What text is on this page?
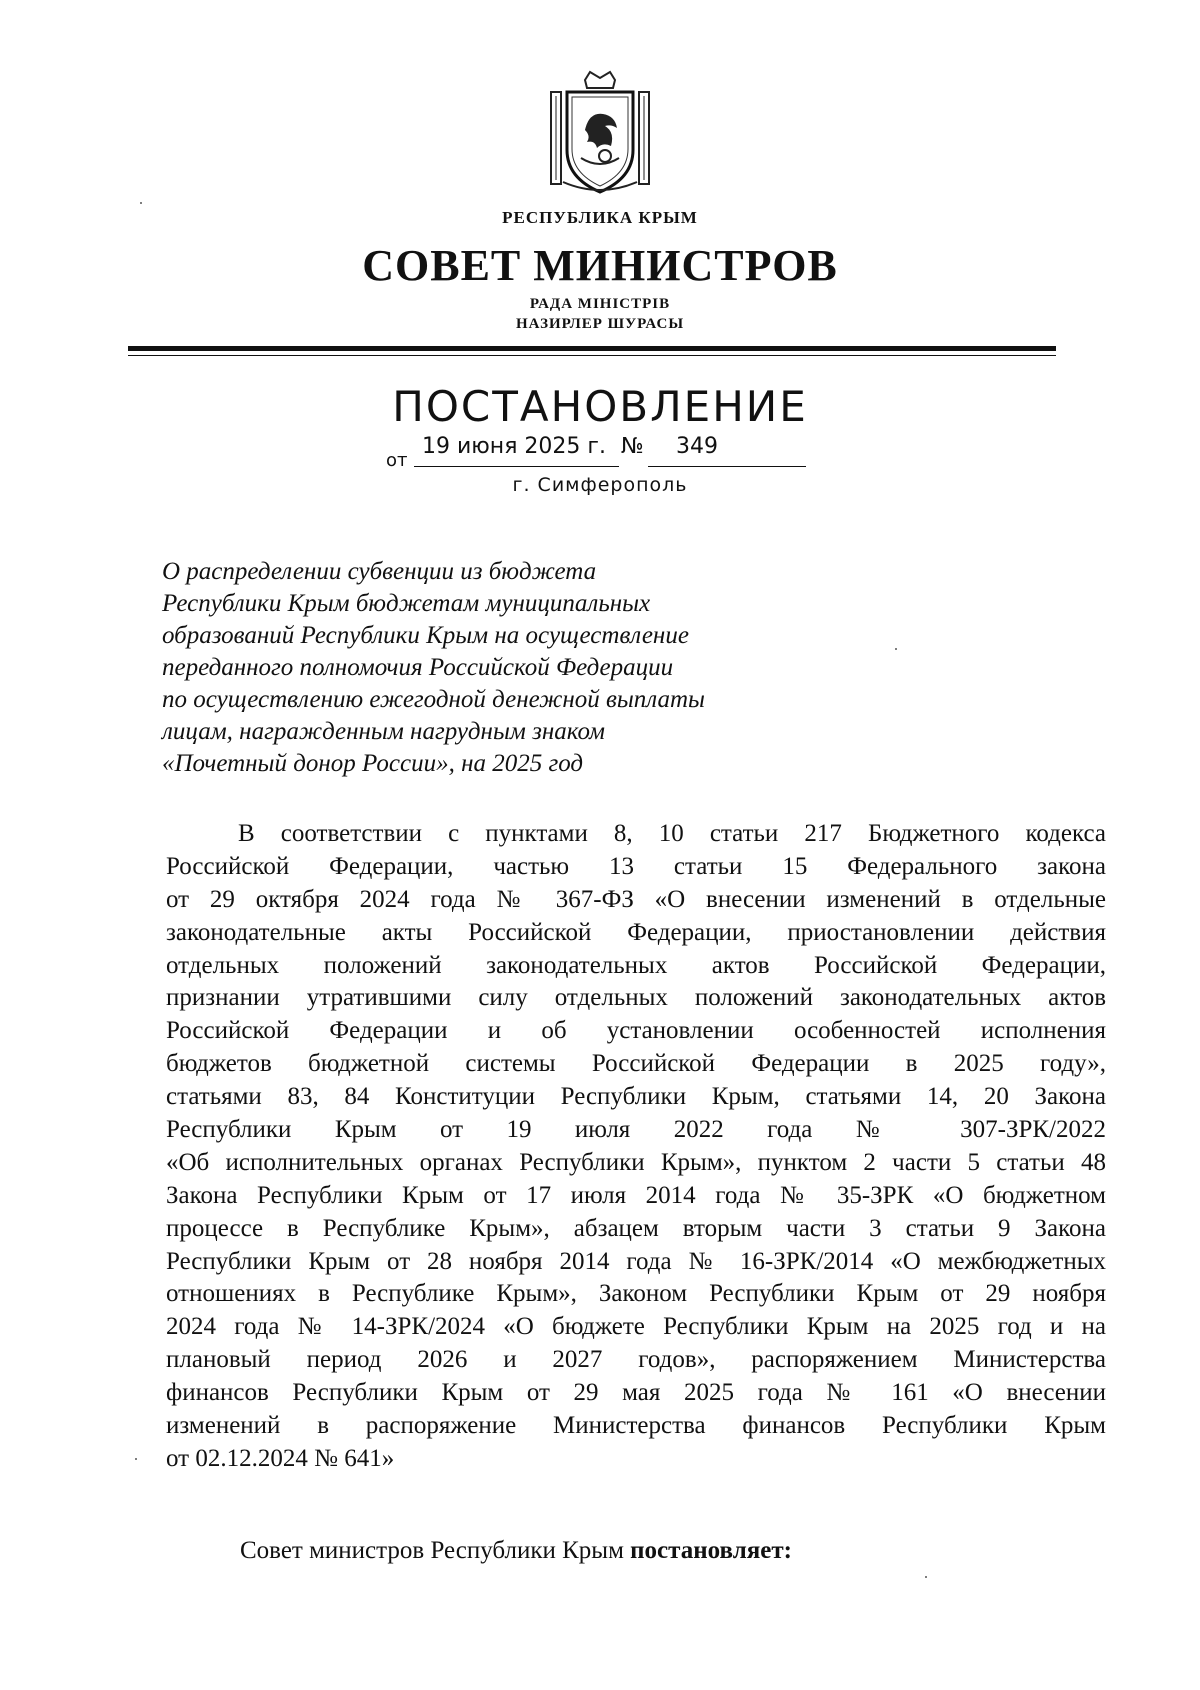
РЕСПУБЛИКА КРЫМ
СОВЕТ МИНИСТРОВ
РАДА МІНІСТРІВ
НАЗИРЛЕР ШУРАСЫ
ПОСТАНОВЛЕНИЕ
от
19 июня 2025 г. № 349
г. Симферополь
О распределении субвенции из бюджета
Республики Крым бюджетам муниципальных
образований Республики Крым на осуществление
переданного полномочия Российской Федерации
по осуществлению ежегодной денежной выплаты
лицам, награжденным нагрудным знаком
«Почетный донор России», на 2025 год
В соответствии с пунктами 8, 10 статьи 217 Бюджетного кодекса
Российской Федерации, частью 13 статьи 15 Федерального закона
от 29 октября 2024 года № 367-ФЗ «О внесении изменений в отдельные
законодательные акты Российской Федерации, приостановлении действия
отдельных положений законодательных актов Российской Федерации,
признании утратившими силу отдельных положений законодательных актов
Российской Федерации и об установлении особенностей исполнения
бюджетов бюджетной системы Российской Федерации в 2025 году»,
статьями 83, 84 Конституции Республики Крым, статьями 14, 20 Закона
Республики Крым от 19 июля 2022 года № 307-ЗРК/2022
«Об исполнительных органах Республики Крым», пунктом 2 части 5 статьи 48
Закона Республики Крым от 17 июля 2014 года № 35-ЗРК «О бюджетном
процессе в Республике Крым», абзацем вторым части 3 статьи 9 Закона
Республики Крым от 28 ноября 2014 года № 16-ЗРК/2014 «О межбюджетных
отношениях в Республике Крым», Законом Республики Крым от 29 ноября
2024 года № 14-ЗРК/2024 «О бюджете Республики Крым на 2025 год и на
плановый период 2026 и 2027 годов», распоряжением Министерства
финансов Республики Крым от 29 мая 2025 года № 161 «О внесении
изменений в распоряжение Министерства финансов Республики Крым
от 02.12.2024 № 641»
Совет министров Республики Крым постановляет:
